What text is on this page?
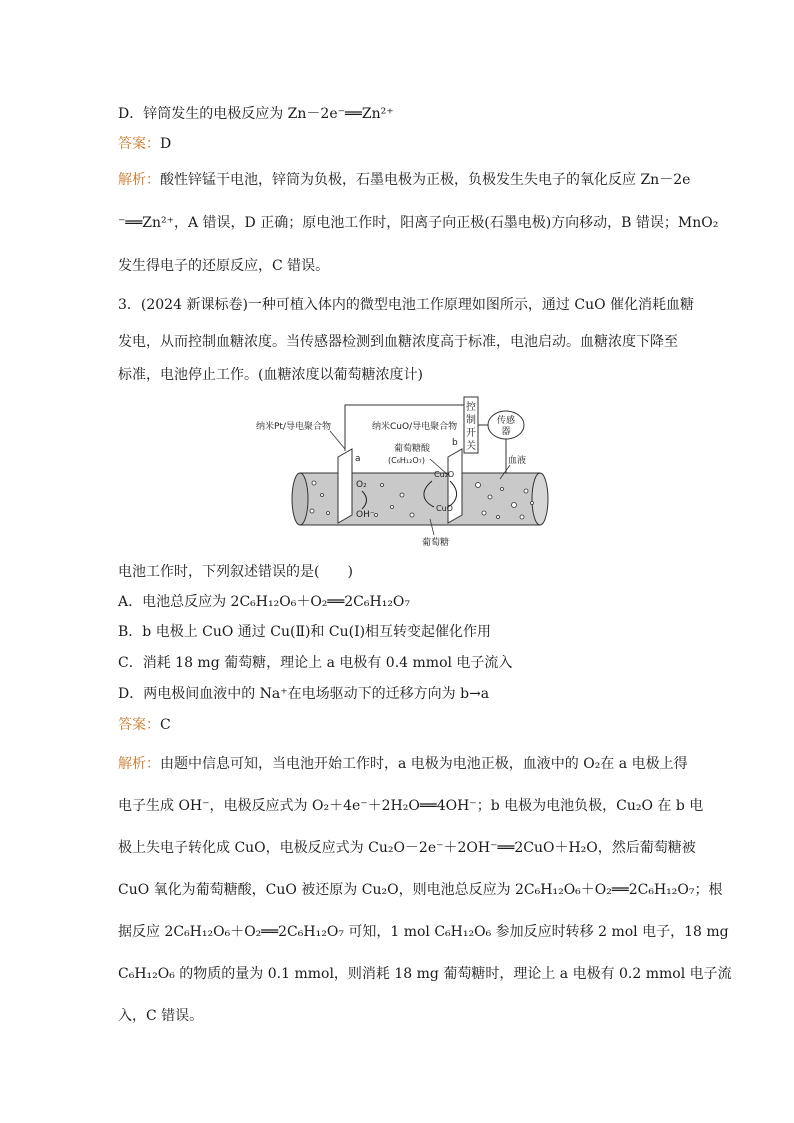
D．锌筒发生的电极反应为 Zn－2e⁻══Zn²⁺
答案：D
解析：酸性锌锰干电池，锌筒为负极，石墨电极为正极，负极发生失电子的氧化反应 Zn－2e
⁻══Zn²⁺，A 错误，D 正确；原电池工作时，阳离子向正极(石墨电极)方向移动，B 错误；MnO₂
发生得电子的还原反应，C 错误。
3．(2024 新课标卷)一种可植入体内的微型电池工作原理如图所示，通过 CuO 催化消耗血糖
发电，从而控制血糖浓度。当传感器检测到血糖浓度高于标准，电池启动。血糖浓度下降至
标准，电池停止工作。(血糖浓度以葡萄糖浓度计)
控
制
开
关
传感
器
a
纳米Pt/导电聚合物
b
纳米CuO/导电聚合物
葡萄糖酸
(C₆H₁₂O₇)
Cu₂O
CuO
O₂
OH⁻
血液
葡萄糖
电池工作时，下列叙述错误的是(　　)
A．电池总反应为 2C₆H₁₂O₆＋O₂══2C₆H₁₂O₇
B．b 电极上 CuO 通过 Cu(Ⅱ)和 Cu(Ⅰ)相互转变起催化作用
C．消耗 18 mg 葡萄糖，理论上 a 电极有 0.4 mmol 电子流入
D．两电极间血液中的 Na⁺在电场驱动下的迁移方向为 b→a
答案：C
解析：由题中信息可知，当电池开始工作时，a 电极为电池正极，血液中的 O₂在 a 电极上得
电子生成 OH⁻，电极反应式为 O₂＋4e⁻＋2H₂O══4OH⁻；b 电极为电池负极，Cu₂O 在 b 电
极上失电子转化成 CuO，电极反应式为 Cu₂O－2e⁻＋2OH⁻══2CuO＋H₂O，然后葡萄糖被
CuO 氧化为葡萄糖酸，CuO 被还原为 Cu₂O，则电池总反应为 2C₆H₁₂O₆＋O₂══2C₆H₁₂O₇；根
据反应 2C₆H₁₂O₆＋O₂══2C₆H₁₂O₇ 可知，1 mol C₆H₁₂O₆ 参加反应时转移 2 mol 电子，18 mg
C₆H₁₂O₆ 的物质的量为 0.1 mmol，则消耗 18 mg 葡萄糖时，理论上 a 电极有 0.2 mmol 电子流
入，C 错误。
